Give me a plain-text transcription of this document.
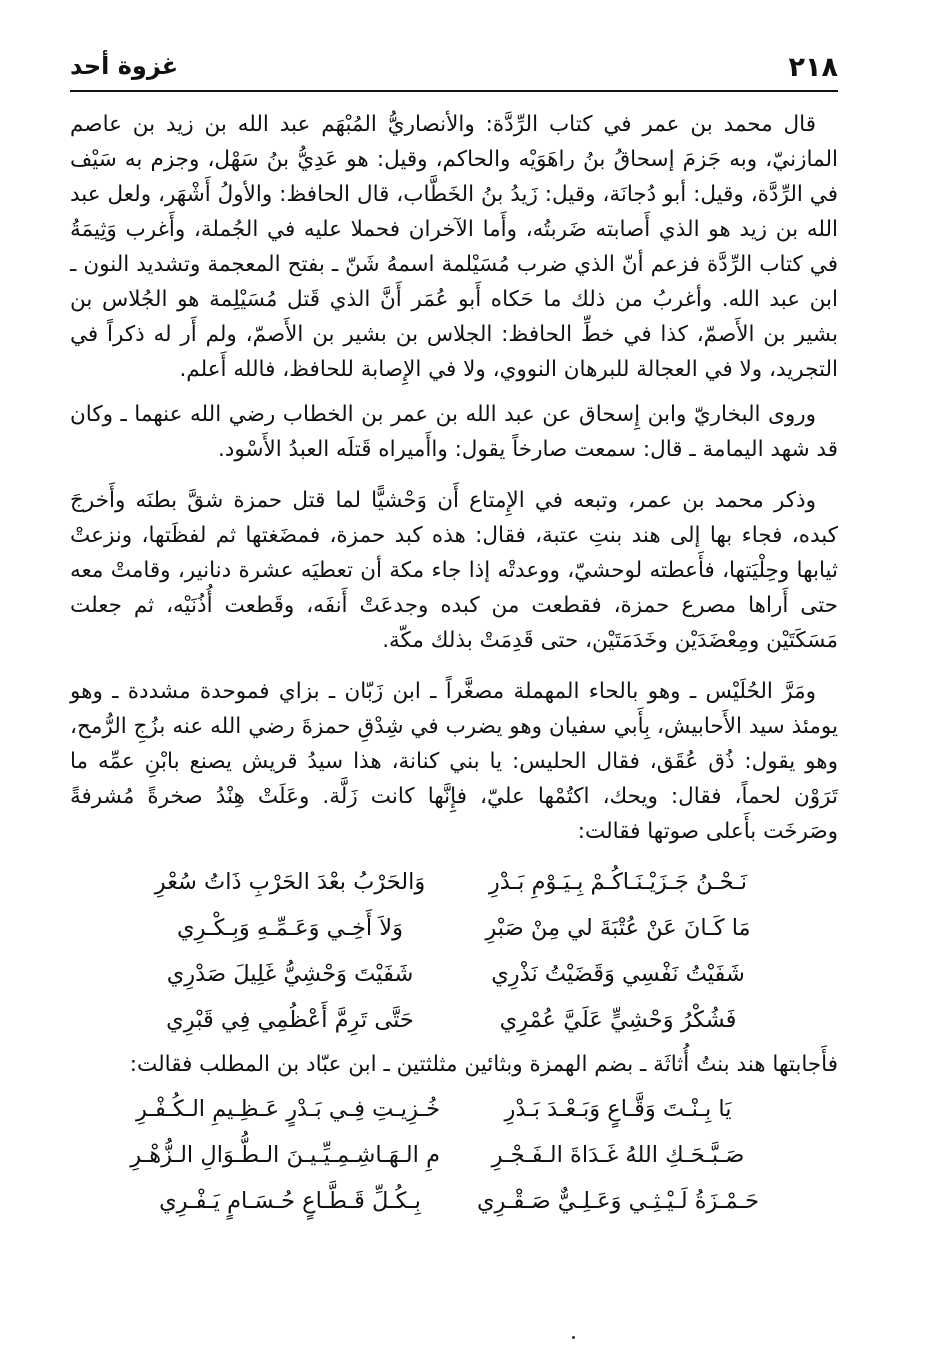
٢١٨
غزوة أحد

قال محمد بن عمر في كتاب الرِّدَّة: والأنصاريُّ المُبْهَم عبد الله بن زيد بن عاصم المازنيّ، وبه جَزمَ إسحاقُ بنُ راهَوَيْه والحاكم، وقيل: هو عَدِيُّ بنُ سَهْل، وجزم به سَيْف في الرِّدَّة، وقيل: أبو دُجانَة، وقيل: زَيدُ بنُ الخَطَّاب، قال الحافظ: والأولُ أَشْهَر، ولعل عبد الله بن زيد هو الذي أَصابته ضَربتُه، وأَما الآخران فحملا عليه في الجُملة، وأَغرب وَثِيمَةُ في كتاب الرِّدَّة فزعم أنّ الذي ضرب مُسَيْلمة اسمهُ شَنّ ـ بفتح المعجمة وتشديد النون ـ ابن عبد الله. وأغربُ من ذلك ما حَكاه أَبو عُمَر أَنَّ الذي قَتل مُسَيْلِمة هو الجُلاس بن بشير بن الأَصمّ، كذا في خطِّ الحافظ: الجلاس بن بشير بن الأَصمّ، ولم أَر له ذكراً في التجريد، ولا في العجالة للبرهان النووي، ولا في الإِصابة للحافظ، فالله أَعلم.

وروى البخاريّ وابن إِسحاق عن عبد الله بن عمر بن الخطاب رضي الله عنهما ـ وكان قد شهد اليمامة ـ قال: سمعت صارخاً يقول: واأَميراه قَتلَه العبدُ الأَسْود.

وذكر محمد بن عمر، وتبعه في الإِمتاع أَن وَحْشيًّا لما قتل حمزة شقَّ بطنَه وأَخرجَ كبده، فجاء بها إلى هند بنتِ عتبة، فقال: هذه كبد حمزة، فمضَغتها ثم لفظَتها، ونزعتْ ثيابها وحِلْيَتها، فأَعطته لوحشيّ، ووعدتْه إذا جاء مكة أن تعطيَه عشرة دنانير، وقامتْ معه حتى أَراها مصرع حمزة، فقطعت من كبده وجدعَتْ أَنفَه، وقَطعت أُذُنَيْه، ثم جعلت مَسَكَتَيْن ومِعْضَدَيْن وخَدَمَتَيْن، حتى قَدِمَتْ بذلك مكّة.

ومَرَّ الحُلَيْس ـ وهو بالحاء المهملة مصغَّراً ـ ابن زَبّان ـ بزاي فموحدة مشددة ـ وهو يومئذ سيد الأَحابيش، بِأَبي سفيان وهو يضرب في شِدْقِ حمزةَ رضي الله عنه بزُجِ الرُّمح، وهو يقول: ذُق عُقَق، فقال الحليس: يا بني كنانة، هذا سيدُ قريش يصنع بابْنِ عمِّه ما تَرَوْن لحماً، فقال: ويحك، اكتُمْها عليّ، فإِنَّها كانت زَلَّة. وعَلَتْ هِنْدُ صخرةً مُشرفةً وصَرخَت بأَعلى صوتها فقالت:

نَـحْـنُ جَـزَيْـنَـاكُـمْ بِـيَـوْمِ بَـدْرِ
وَالحَرْبُ بعْدَ الحَرْبِ ذَاتُ سُعْرِ
مَا كَـانَ عَنْ عُتْبَةَ لي مِنْ صَبْرِ
وَلاَ أَخِـي وَعَـمِّـهِ وَبِـكْـرِي
شَفَيْتُ نَفْسِي وَقَضَيْتُ نَذْرِي
شَفَيْتَ وَحْشِيُّ غَلِيلَ صَدْرِي
فَشُكْرُ وَحْشِيٍّ عَلَيَّ عُمْرِي
حَتَّى تَرِمَّ أَعْظُمِي فِي قَبْرِي

فأَجابتها هند بنتُ أُثاثَة ـ بضم الهمزة وبثائين مثلثتين ـ ابن عبّاد بن المطلب فقالت:

يَا بِـنْـتَ وَقَّـاعٍ وَبَـعْـدَ بَـدْرِ
خُـزِيـتِ فِـي بَـدْرٍ عَـظِـيمِ الـكُـفْـرِ
صَـبَّـحَـكِ اللهُ غَـدَاةَ الـفَـجْـرِ
مِ الـهَـاشِـمِـيِّـيـنَ الـطُّـوَالِ الـزُّهْـرِ
حَـمْـزَةُ لَـيْـثِـي وَعَـلِـيٌّ صَـقْـرِي
بِـكُـلِّ قَـطَّـاعٍ حُـسَـامٍ يَـفْـرِي
